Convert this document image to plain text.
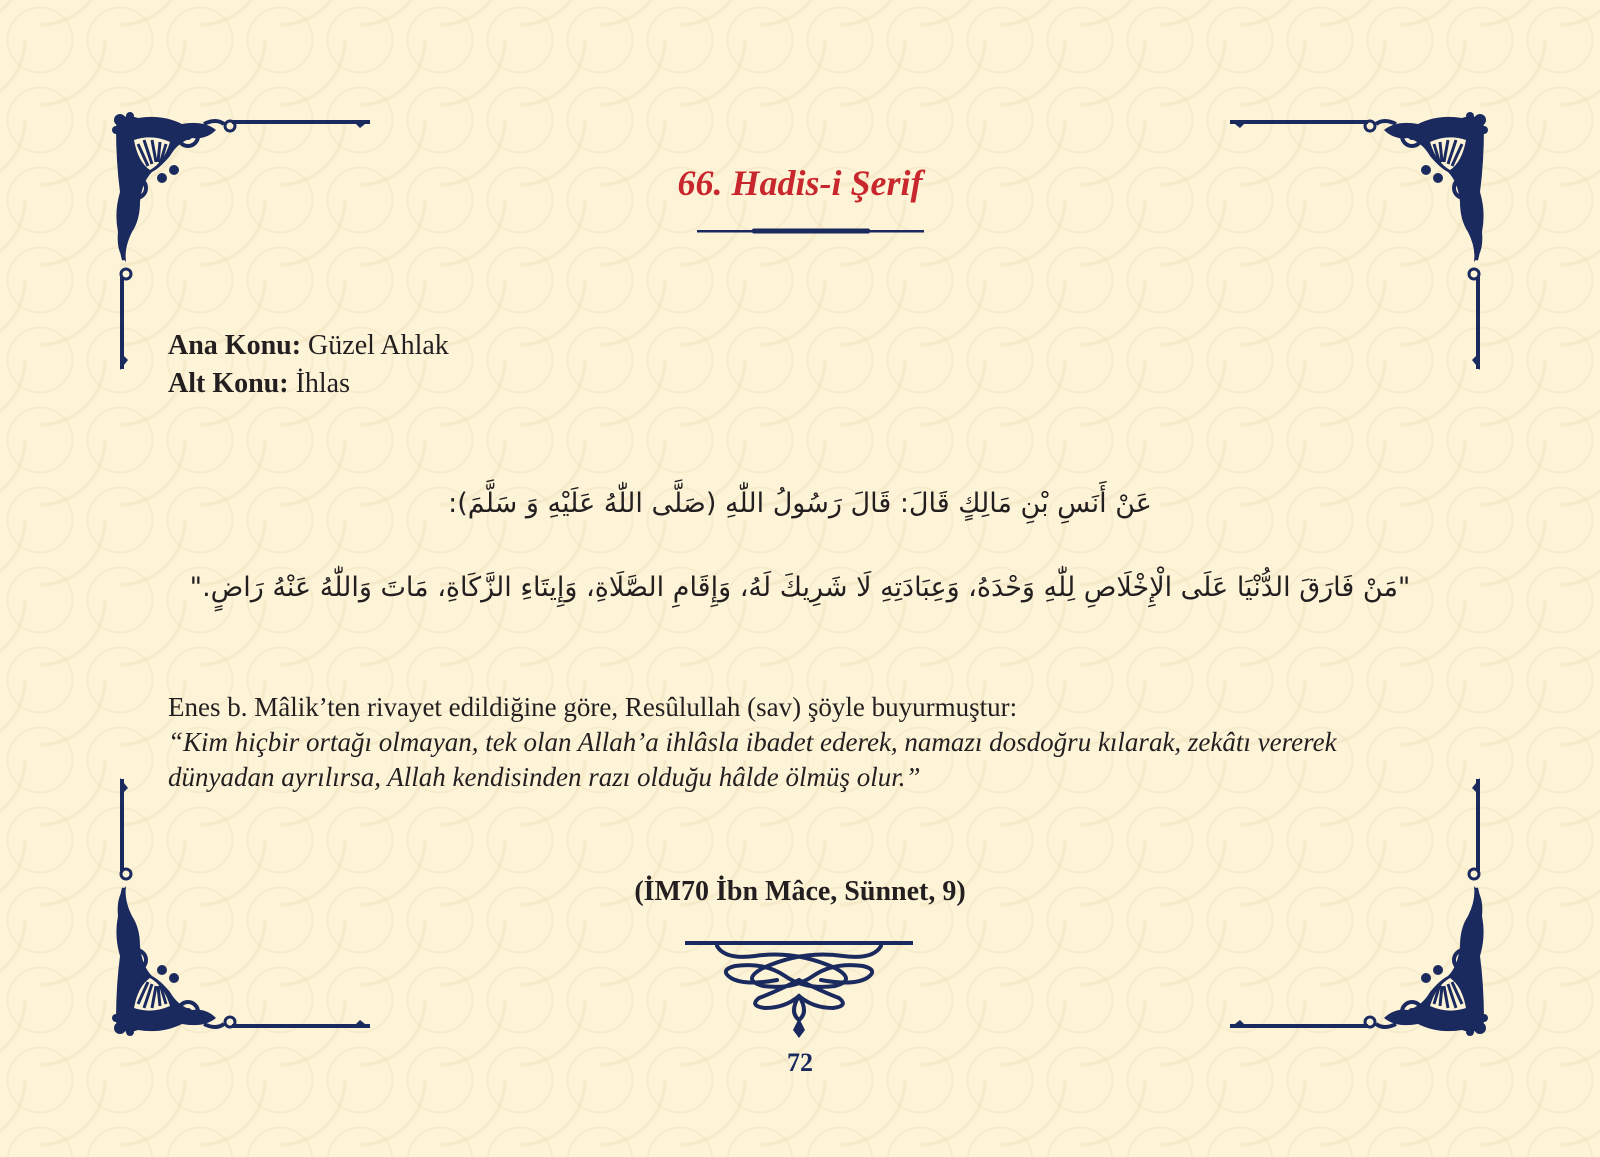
66. Hadis-i Şerif
Ana Konu: Güzel Ahlak
Alt Konu: İhlas
عَنْ أَنَسِ بْنِ مَالِكٍ قَالَ: قَالَ رَسُولُ اللّٰهِ (صَلَّى اللّٰهُ عَلَيْهِ وَ سَلَّمَ):
"مَنْ فَارَقَ الدُّنْيَا عَلَى الْإِخْلَاصِ لِلّٰهِ وَحْدَهُ، وَعِبَادَتِهِ لَا شَرِيكَ لَهُ، وَإِقَامِ الصَّلَاةِ، وَإِيتَاءِ الزَّكَاةِ، مَاتَ وَاللّٰهُ عَنْهُ رَاضٍ."
Enes b. Mâlik’ten rivayet edildiğine göre, Resûlullah (sav) şöyle buyurmuştur:
“Kim hiçbir ortağı olmayan, tek olan Allah’a ihlâsla ibadet ederek, namazı dosdoğru kılarak, zekâtı vererek
dünyadan ayrılırsa, Allah kendisinden razı olduğu hâlde ölmüş olur.”
(İM70 İbn Mâce, Sünnet, 9)
72
